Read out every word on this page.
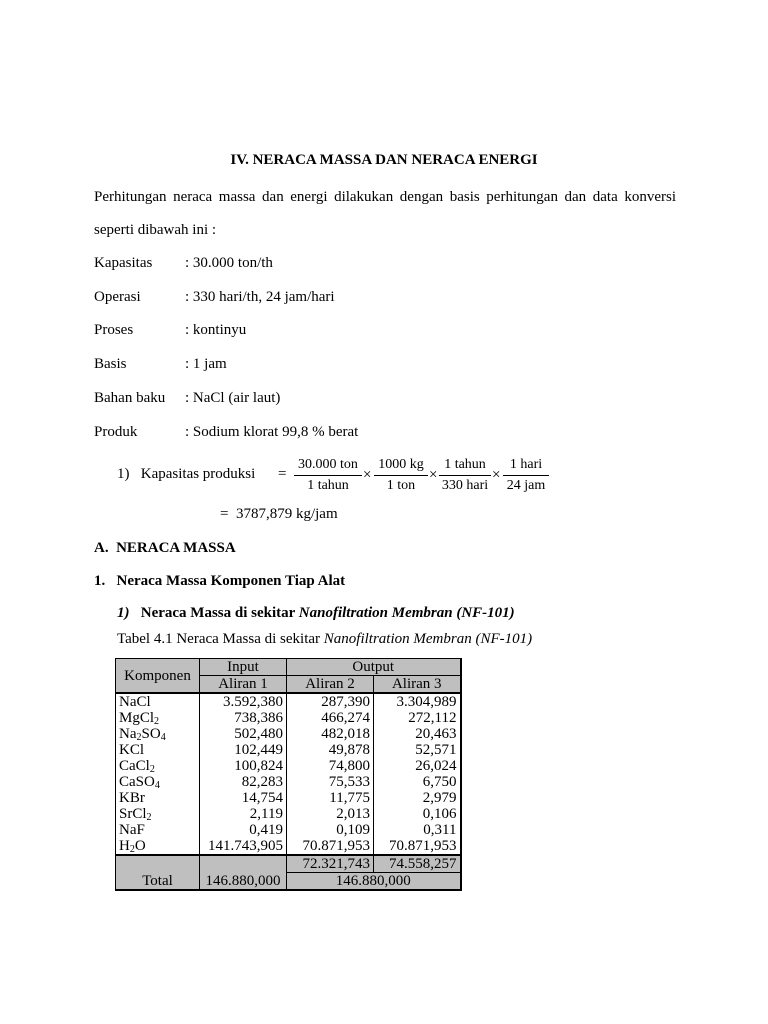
IV. NERACA MASSA DAN NERACA ENERGI
Perhitungan neraca massa dan energi dilakukan dengan basis perhitungan dan data konversi
seperti dibawah ini :
Kapasitas : 30.000 ton/th
Operasi	: 330 hari/th, 24 jam/hari
Proses	: kontinyu
Basis	: 1 jam
Bahan baku : NaCl (air laut)
Produk	: Sodium klorat 99,8 % berat
1)   Kapasitas produksi =
30.000 ton
1 tahun
×
1000 kg
1 ton
×
1 tahun
330 hari
×
1 hari
24 jam
=  3787,879 kg/jam
A.  NERACA MASSA
1.   Neraca Massa Komponen Tiap Alat
1) Neraca Massa di sekitar Nanofiltration Membran (NF-101)
Tabel 4.1 Neraca Massa di sekitar Nanofiltration Membran (NF-101)
Komponen	Input	Output	
	Aliran 1	Aliran 2	Aliran 3
NaCl	3.592,380	287,390	3.304,989
MgCl$_2$	738,386	466,274	272,112
$Na_2SO_4$	502,480	482,018	20,463
KCl	102,449	49,878	52,571
CaCl$_2$	100,824	74,800	26,024
CaSO$_4$	82,283	75,533	6,750
KBr	14,754	11,775	2,979
SrCl$_2$	2,119	2,013	0,106
NaF	0,419	0,109	0,311
$H_2O$	141.743,905	70.871,953	70.871,953
		72.321,743	74.558,257
Total	146.880,000	146.880,000	
